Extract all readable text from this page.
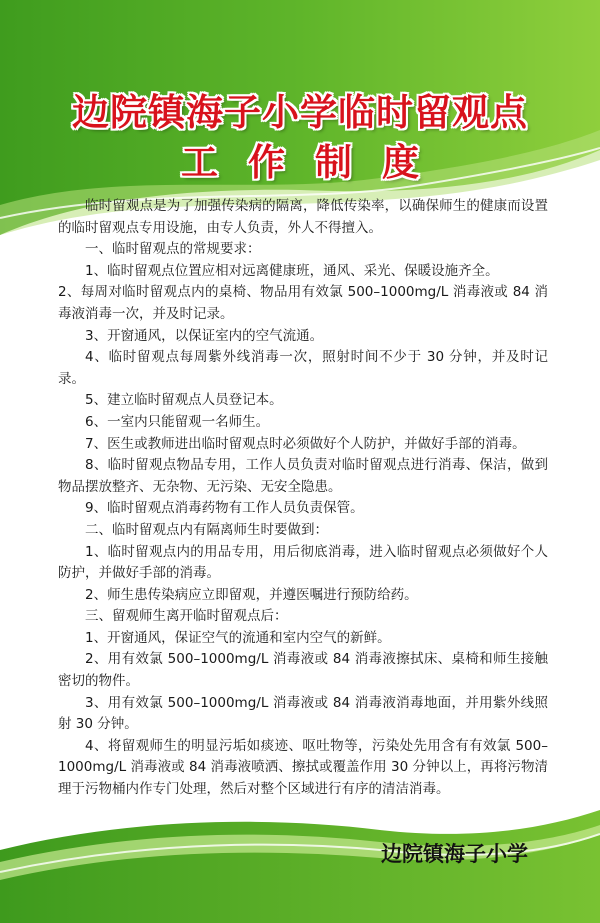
边院镇海子小学临时留观点
工作制度

临时留观点是为了加强传染病的隔离，降低传染率，以确保师生的健康而设置的临时留观点专用设施，由专人负责，外人不得擅入。

一、临时留观点的常规要求：

1、临时留观点位置应相对远离健康班，通风、采光、保暖设施齐全。

2、每周对临时留观点内的桌椅、物品用有效氯 500–1000mg/L 消毒液或 84 消毒液消毒一次，并及时记录。

3、开窗通风，以保证室内的空气流通。

4、临时留观点每周紫外线消毒一次，照射时间不少于 30 分钟，并及时记录。

5、建立临时留观点人员登记本。

6、一室内只能留观一名师生。

7、医生或教师进出临时留观点时必须做好个人防护，并做好手部的消毒。

8、临时留观点物品专用，工作人员负责对临时留观点进行消毒、保洁，做到物品摆放整齐、无杂物、无污染、无安全隐患。

9、临时留观点消毒药物有工作人员负责保管。

二、临时留观点内有隔离师生时要做到：

1、临时留观点内的用品专用，用后彻底消毒，进入临时留观点必须做好个人防护，并做好手部的消毒。

2、师生患传染病应立即留观，并遵医嘱进行预防给药。

三、留观师生离开临时留观点后：

1、开窗通风，保证空气的流通和室内空气的新鲜。

2、用有效氯 500–1000mg/L 消毒液或 84 消毒液擦拭床、桌椅和师生接触密切的物件。

3、用有效氯 500–1000mg/L 消毒液或 84 消毒液消毒地面，并用紫外线照射 30 分钟。

4、将留观师生的明显污垢如痰迹、呕吐物等，污染处先用含有有效氯 500–1000mg/L 消毒液或 84 消毒液喷洒、擦拭或覆盖作用 30 分钟以上，再将污物清理于污物桶内作专门处理，然后对整个区域进行有序的清洁消毒。

边院镇海子小学
